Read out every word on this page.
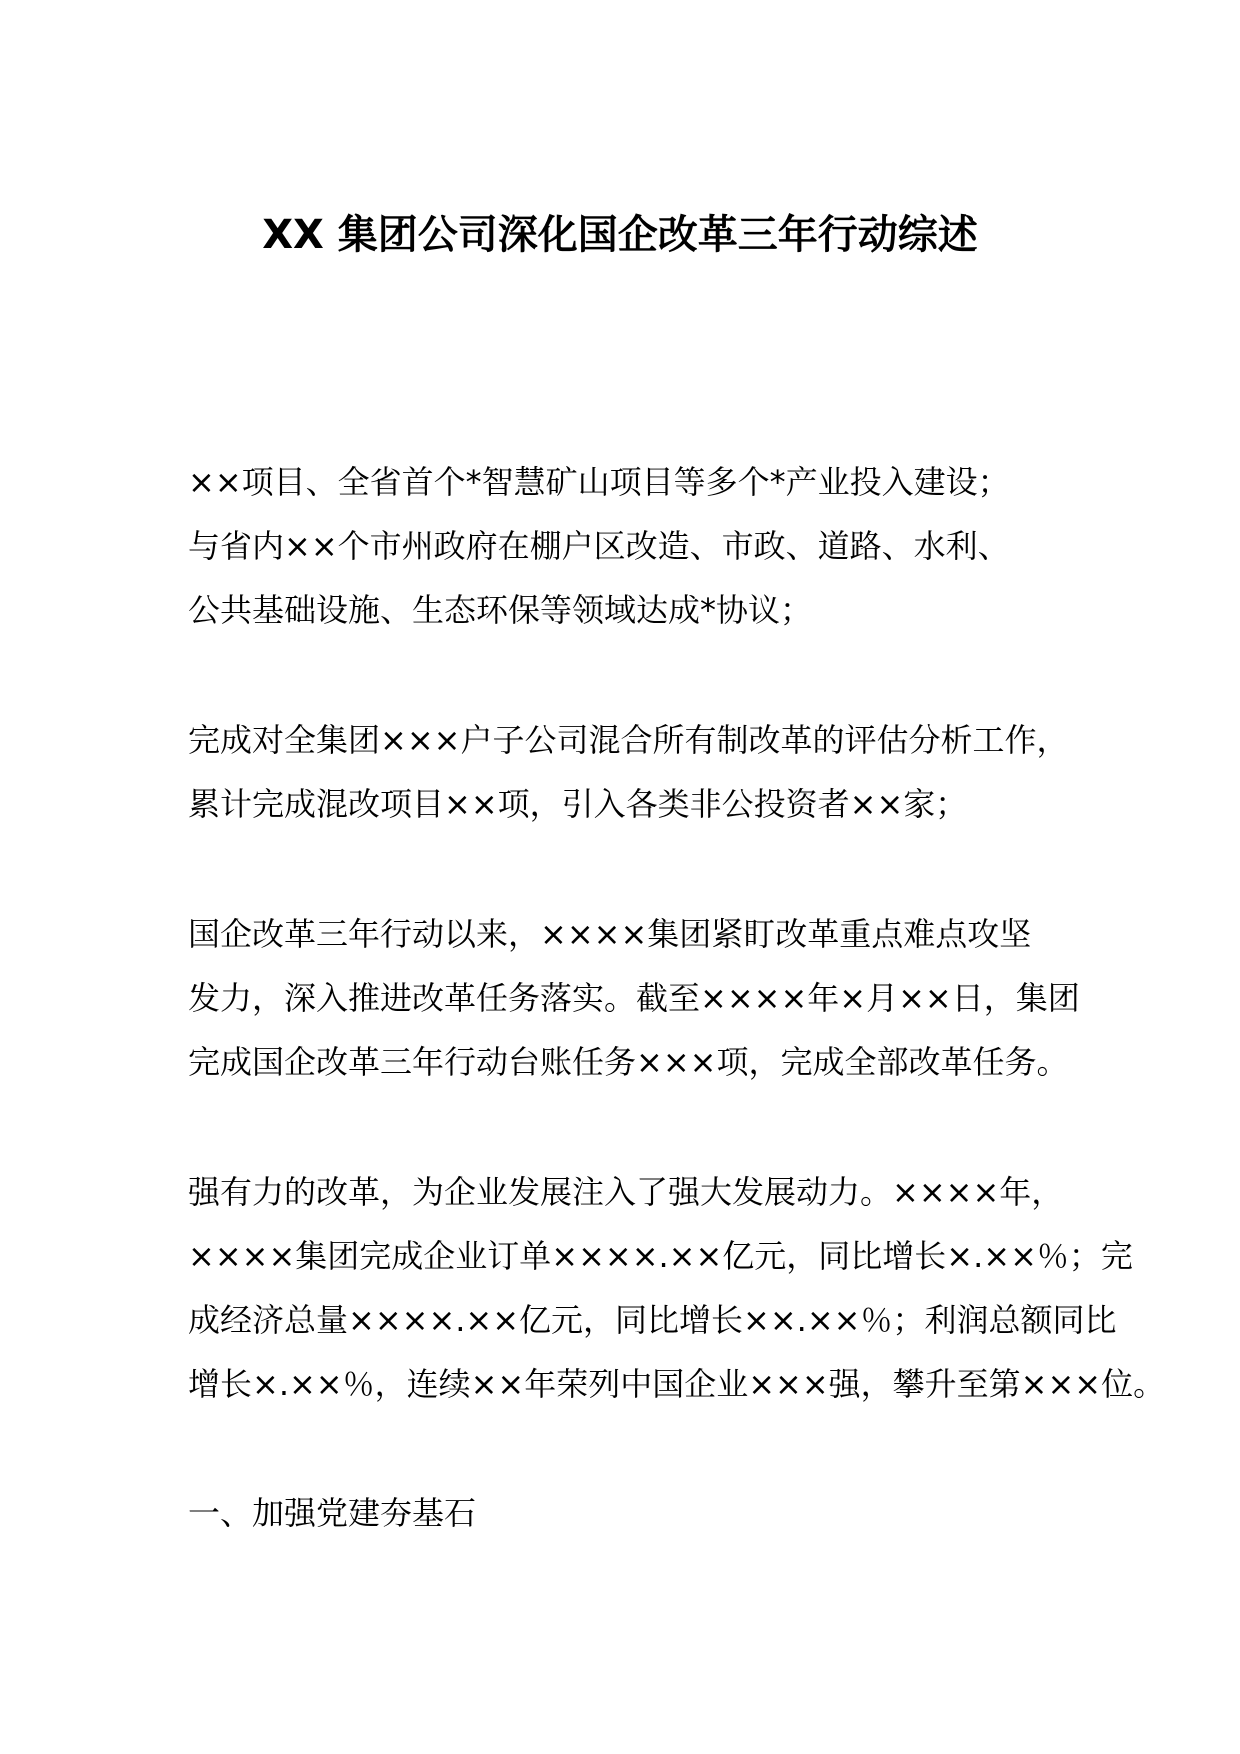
XX 集团公司深化国企改革三年行动综述
××项目、全省首个*智慧矿山项目等多个*产业投入建设；
与省内××个市州政府在棚户区改造、市政、道路、水利、
公共基础设施、生态环保等领域达成*协议；
完成对全集团×××户子公司混合所有制改革的评估分析工作，
累计完成混改项目××项，引入各类非公投资者××家；
国企改革三年行动以来，××××集团紧盯改革重点难点攻坚
发力，深入推进改革任务落实。截至××××年×月××日，集团
完成国企改革三年行动台账任务×××项，完成全部改革任务。
强有力的改革，为企业发展注入了强大发展动力。××××年，
××××集团完成企业订单××××.××亿元，同比增长×.××％；完
成经济总量××××.××亿元，同比增长××.××％；利润总额同比
增长×.××％，连续××年荣列中国企业×××强，攀升至第×××位。
一、加强党建夯基石
